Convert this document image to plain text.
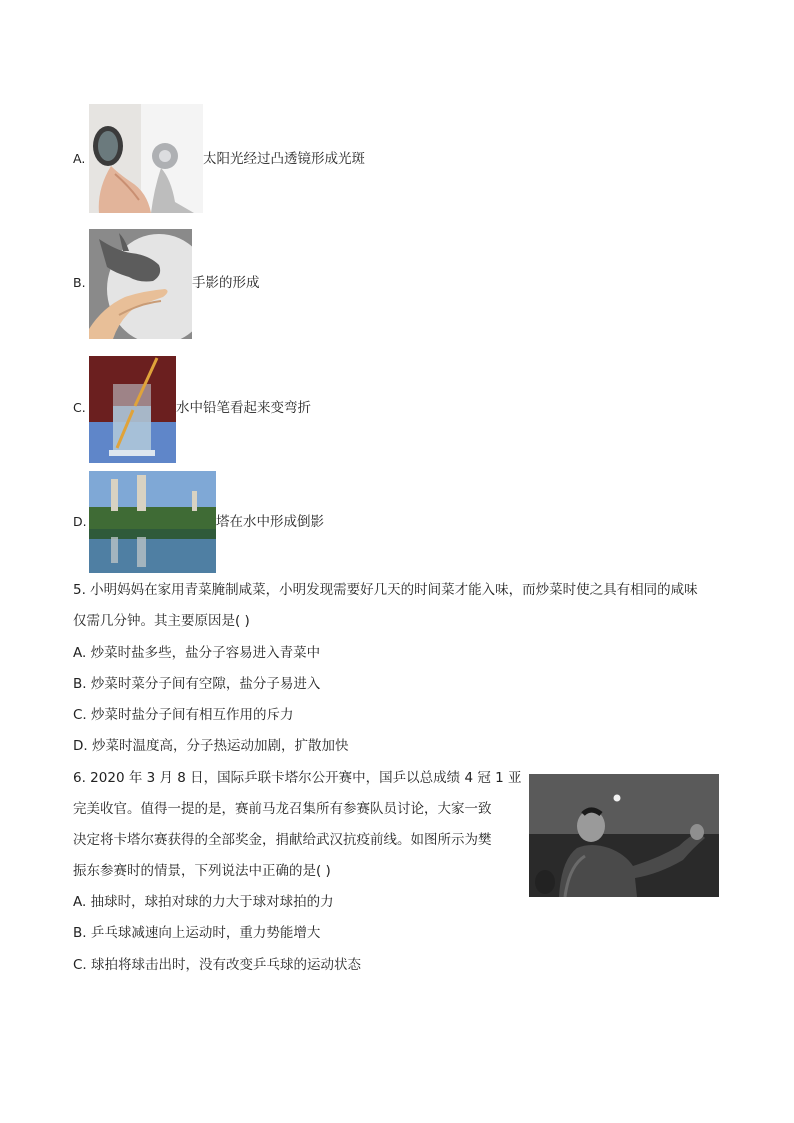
A.	太阳光经过凸透镜形成光斑
B.	手影的形成
C.	水中铅笔看起来变弯折
D.	塔在水中形成倒影
5. 小明妈妈在家用青菜腌制咸菜，小明发现需要好几天的时间菜才能入味，而炒菜时使之具有相同的咸味
仅需几分钟。其主要原因是( )
A. 炒菜时盐多些，盐分子容易进入青菜中
B. 炒菜时菜分子间有空隙，盐分子易进入
C. 炒菜时盐分子间有相互作用的斥力
D. 炒菜时温度高，分子热运动加剧，扩散加快
6. 2020 年 3 月 8 日，国际乒联卡塔尔公开赛中，国乒以总成绩 4 冠 1 亚
完美收官。值得一提的是，赛前马龙召集所有参赛队员讨论，大家一致
决定将卡塔尔赛获得的全部奖金，捐献给武汉抗疫前线。如图所示为樊
振东参赛时的情景，下列说法中正确的是( )
A. 抽球时，球拍对球的力大于球对球拍的力
B. 乒乓球减速向上运动时，重力势能增大
C. 球拍将球击出时，没有改变乒乓球的运动状态
